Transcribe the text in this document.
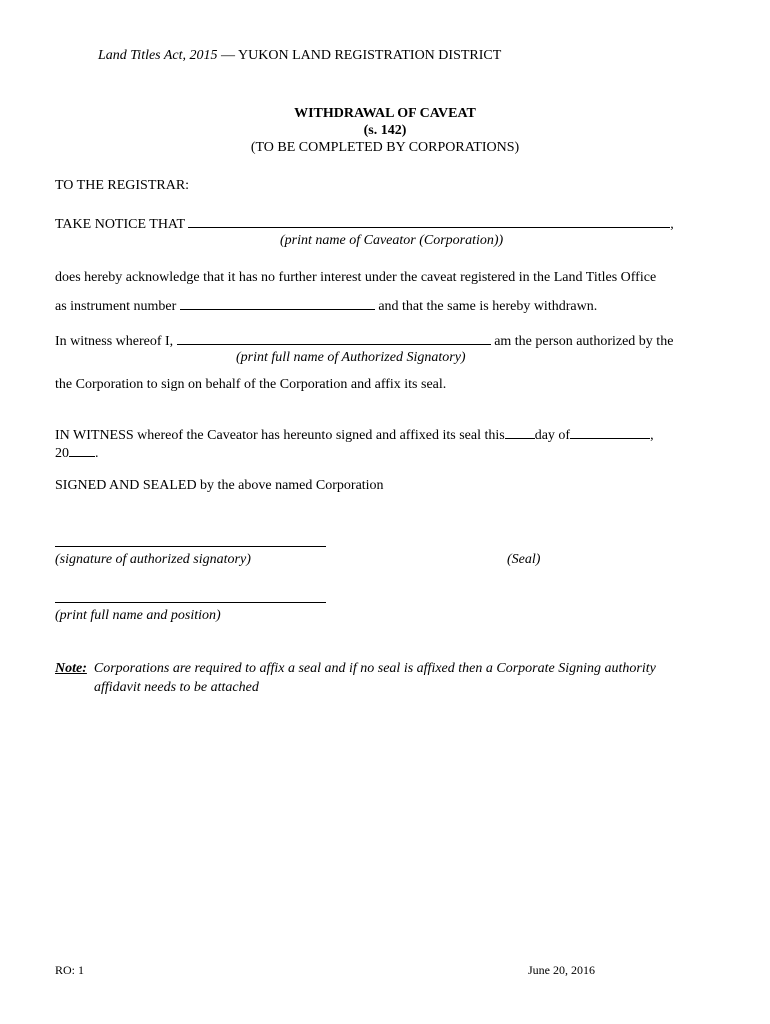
Land Titles Act, 2015 — YUKON LAND REGISTRATION DISTRICT
WITHDRAWAL OF CAVEAT
(s. 142)
(TO BE COMPLETED BY CORPORATIONS)
TO THE REGISTRAR:
TAKE NOTICE THAT	,
(print name of Caveator (Corporation))
does hereby acknowledge that it has no further interest under the caveat registered in the Land Titles Office
as instrument number	and that the same is hereby withdrawn.
In witness whereof I,	am the person authorized by the
(print full name of Authorized Signatory)
the Corporation to sign on behalf of the Corporation and affix its seal.
IN WITNESS whereof the Caveator has hereunto signed and affixed its seal this day of	,
20 .
SIGNED AND SEALED by the above named Corporation
(signature of authorized signatory)	(Seal)
(print full name and position)
Note: Corporations are required to affix a seal and if no seal is affixed then a Corporate Signing authority
affidavit needs to be attached
RO: 1	June 20, 2016
